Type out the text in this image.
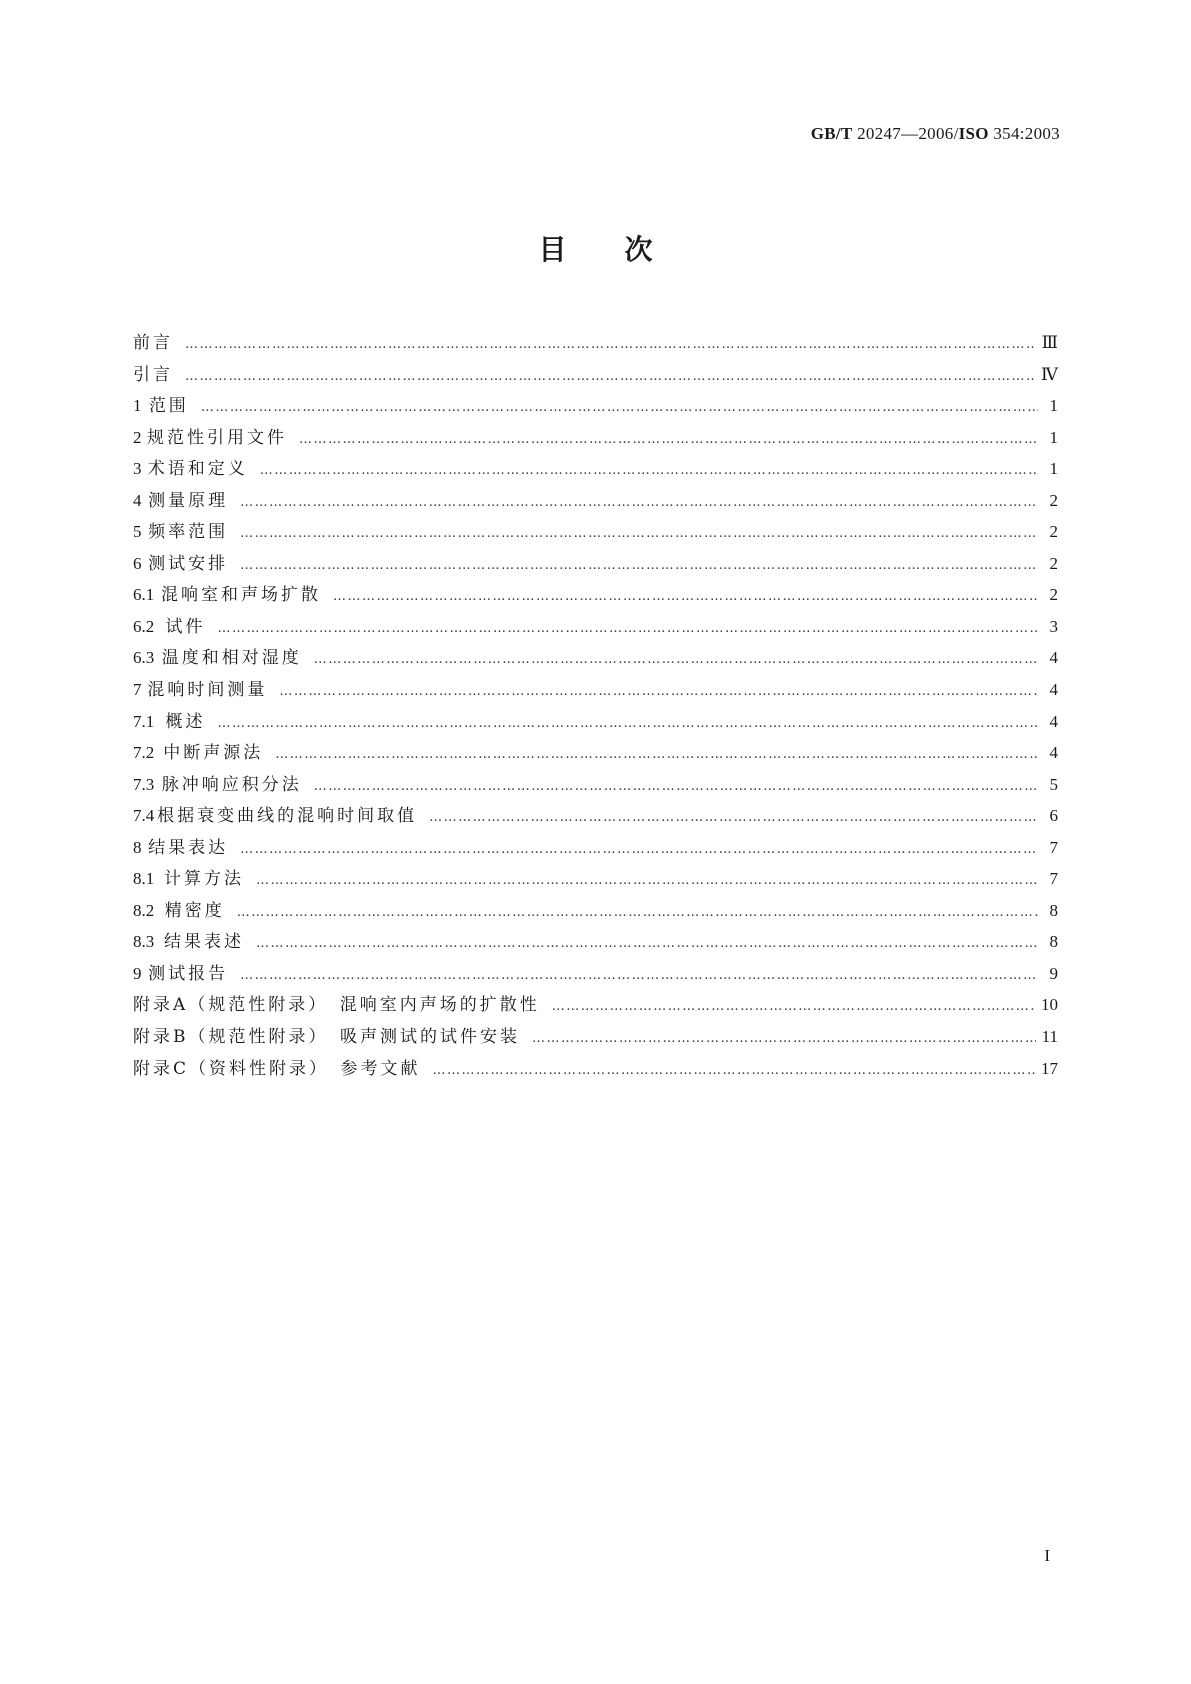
GB/T 20247—2006/ISO 354:2003
目次
前言 …………………………………………………………………………………………………………………………………………………………………………………………………	Ⅲ
引言 …………………………………………………………………………………………………………………………………………………………………………………………………	Ⅳ
1 范围 …………………………………………………………………………………………………………………………………………………………………………………………………	1
2 规范性引用文件 …………………………………………………………………………………………………………………………………………………………………………………………………	1
3 术语和定义 …………………………………………………………………………………………………………………………………………………………………………………………………	1
4 测量原理 …………………………………………………………………………………………………………………………………………………………………………………………………	2
5 频率范围 …………………………………………………………………………………………………………………………………………………………………………………………………	2
6 测试安排 …………………………………………………………………………………………………………………………………………………………………………………………………	2
6.1 混响室和声场扩散 …………………………………………………………………………………………………………………………………………………………………………………………………	2
6.2 试件 …………………………………………………………………………………………………………………………………………………………………………………………………	3
6.3 温度和相对湿度 …………………………………………………………………………………………………………………………………………………………………………………………………	4
7 混响时间测量 …………………………………………………………………………………………………………………………………………………………………………………………………	4
7.1 概述 …………………………………………………………………………………………………………………………………………………………………………………………………	4
7.2 中断声源法 …………………………………………………………………………………………………………………………………………………………………………………………………	4
7.3 脉冲响应积分法 …………………………………………………………………………………………………………………………………………………………………………………………………	5
7.4 根据衰变曲线的混响时间取值 …………………………………………………………………………………………………………………………………………………………………………………………………	6
8 结果表达 …………………………………………………………………………………………………………………………………………………………………………………………………	7
8.1 计算方法 …………………………………………………………………………………………………………………………………………………………………………………………………	7
8.2 精密度 …………………………………………………………………………………………………………………………………………………………………………………………………	8
8.3 结果表述 …………………………………………………………………………………………………………………………………………………………………………………………………	8
9 测试报告 …………………………………………………………………………………………………………………………………………………………………………………………………	9
附录A（规范性附录）　混响室内声场的扩散性 …………………………………………………………………………………………………………………………………………………………………………………………………	10
附录B（规范性附录）　吸声测试的试件安装 …………………………………………………………………………………………………………………………………………………………………………………………………	11
附录C（资料性附录）　参考文献 …………………………………………………………………………………………………………………………………………………………………………………………………	17
I
